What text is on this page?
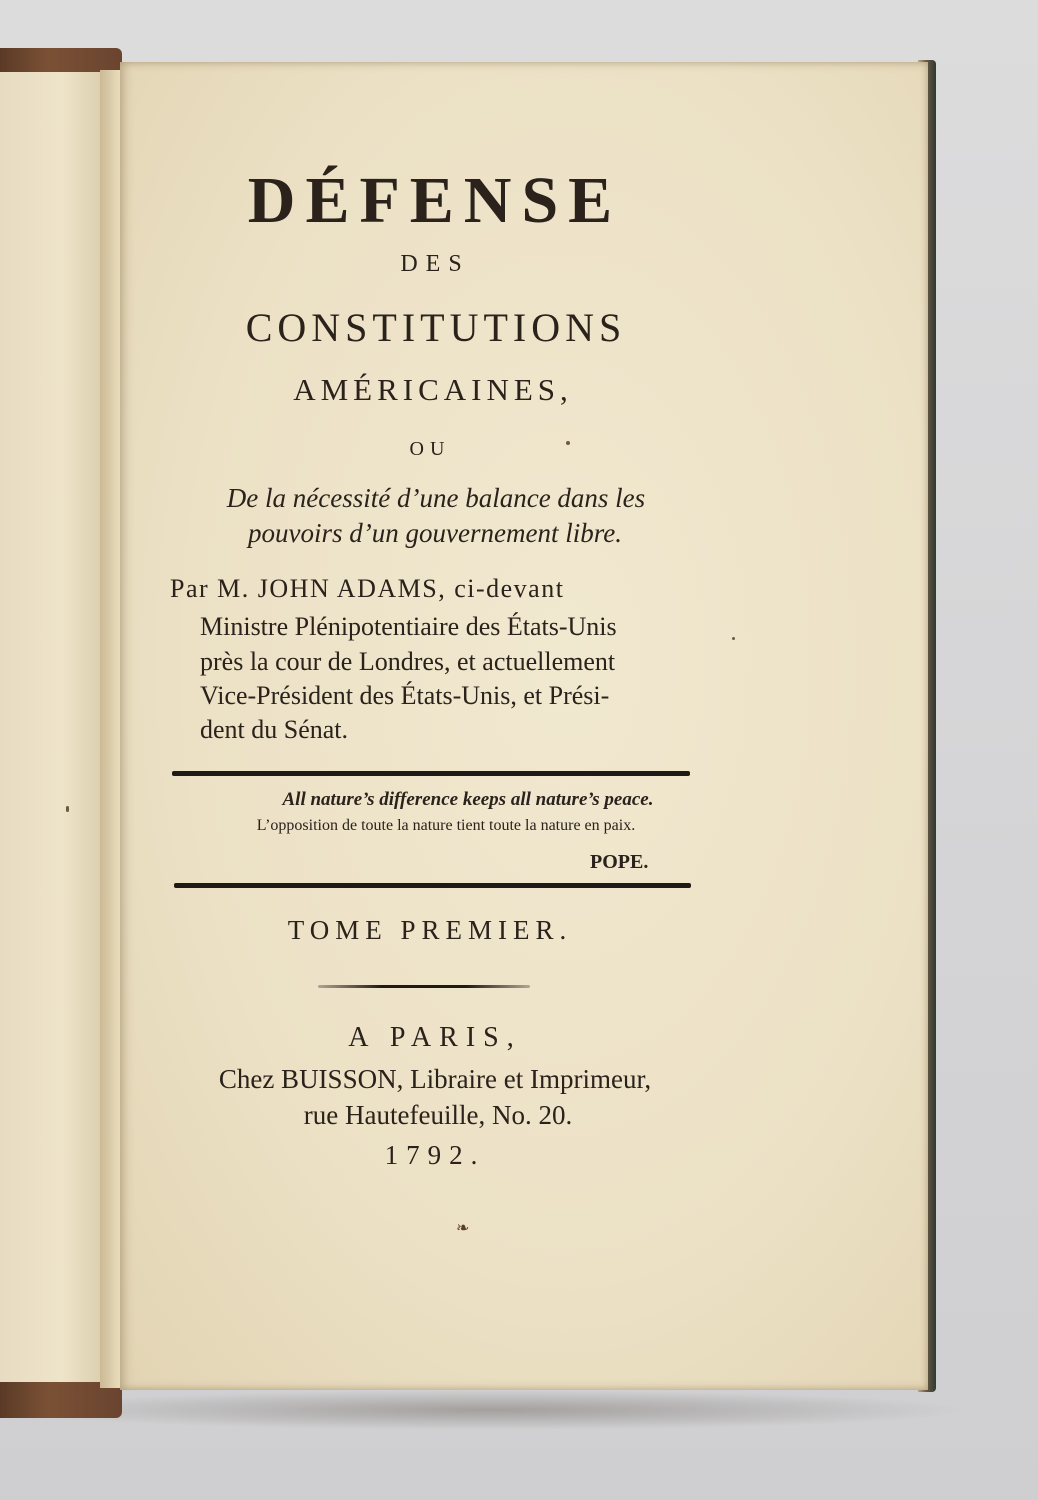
DÉFENSE
DES
CONSTITUTIONS
AMÉRICAINES,
OU
De la nécessité d’une balance dans les
pouvoirs d’un gouvernement libre.
Par M. JOHN ADAMS, ci-devant
Ministre Plénipotentiaire des États-Unis
près la cour de Londres, et actuellement
Vice-Président des États-Unis, et Prési-
dent du Sénat.
All nature’s difference keeps all nature’s peace.
L’opposition de toute la nature tient toute la nature en paix.
POPE.
TOME PREMIER.
A PARIS,
Chez BUISSON, Libraire et Imprimeur,
rue Hautefeuille, No. 20.
1792.
❧
